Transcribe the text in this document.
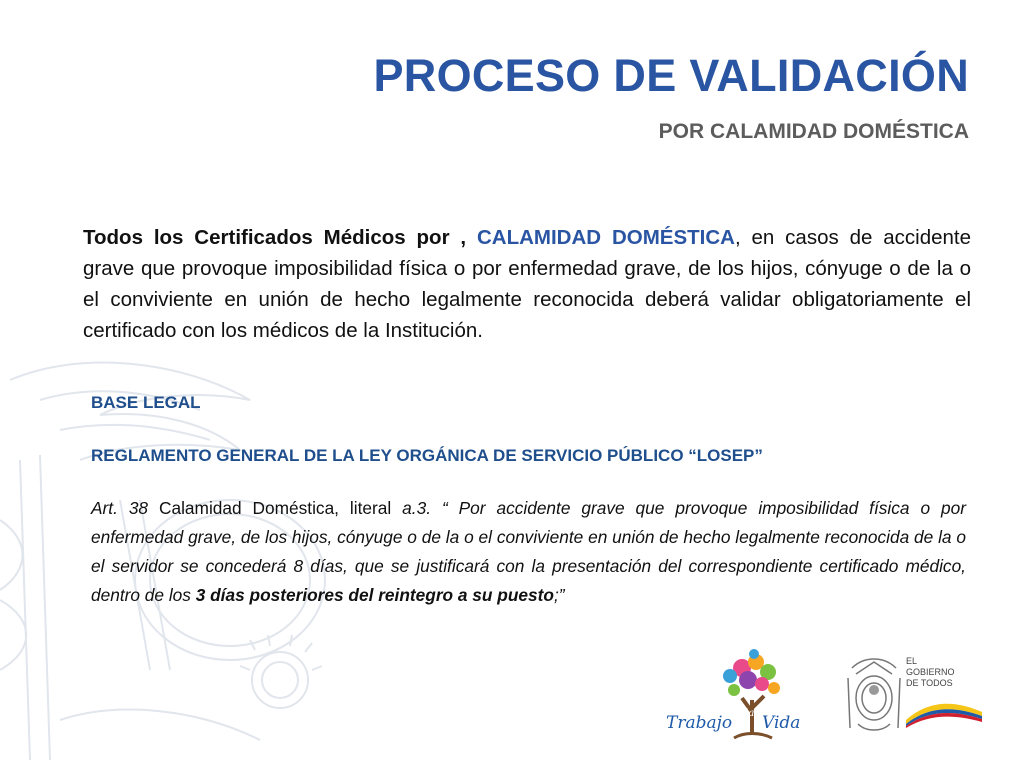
PROCESO DE VALIDACIÓN
POR CALAMIDAD DOMÉSTICA

Todos los Certificados Médicos por , CALAMIDAD DOMÉSTICA, en casos de accidente grave que provoque imposibilidad física o por enfermedad grave, de los hijos, cónyuge o de la o el conviviente en unión de hecho legalmente reconocida deberá validar obligatoriamente el certificado con los médicos de la Institución.

BASE LEGAL

REGLAMENTO GENERAL DE LA LEY ORGÁNICA DE SERVICIO PÚBLICO “LOSEP”

Art. 38 Calamidad Doméstica, literal a.3. “ Por accidente grave que provoque imposibilidad física o por enfermedad grave, de los hijos, cónyuge o de la o el conviviente en unión de hecho legalmente reconocida de la o el servidor se concederá 8 días, que se justificará con la presentación del correspondiente certificado médico, dentro de los 3 días posteriores del reintegro a su puesto;”

Trabajo
Toda
una Vida
EL
GOBIERNO
DE TODOS
